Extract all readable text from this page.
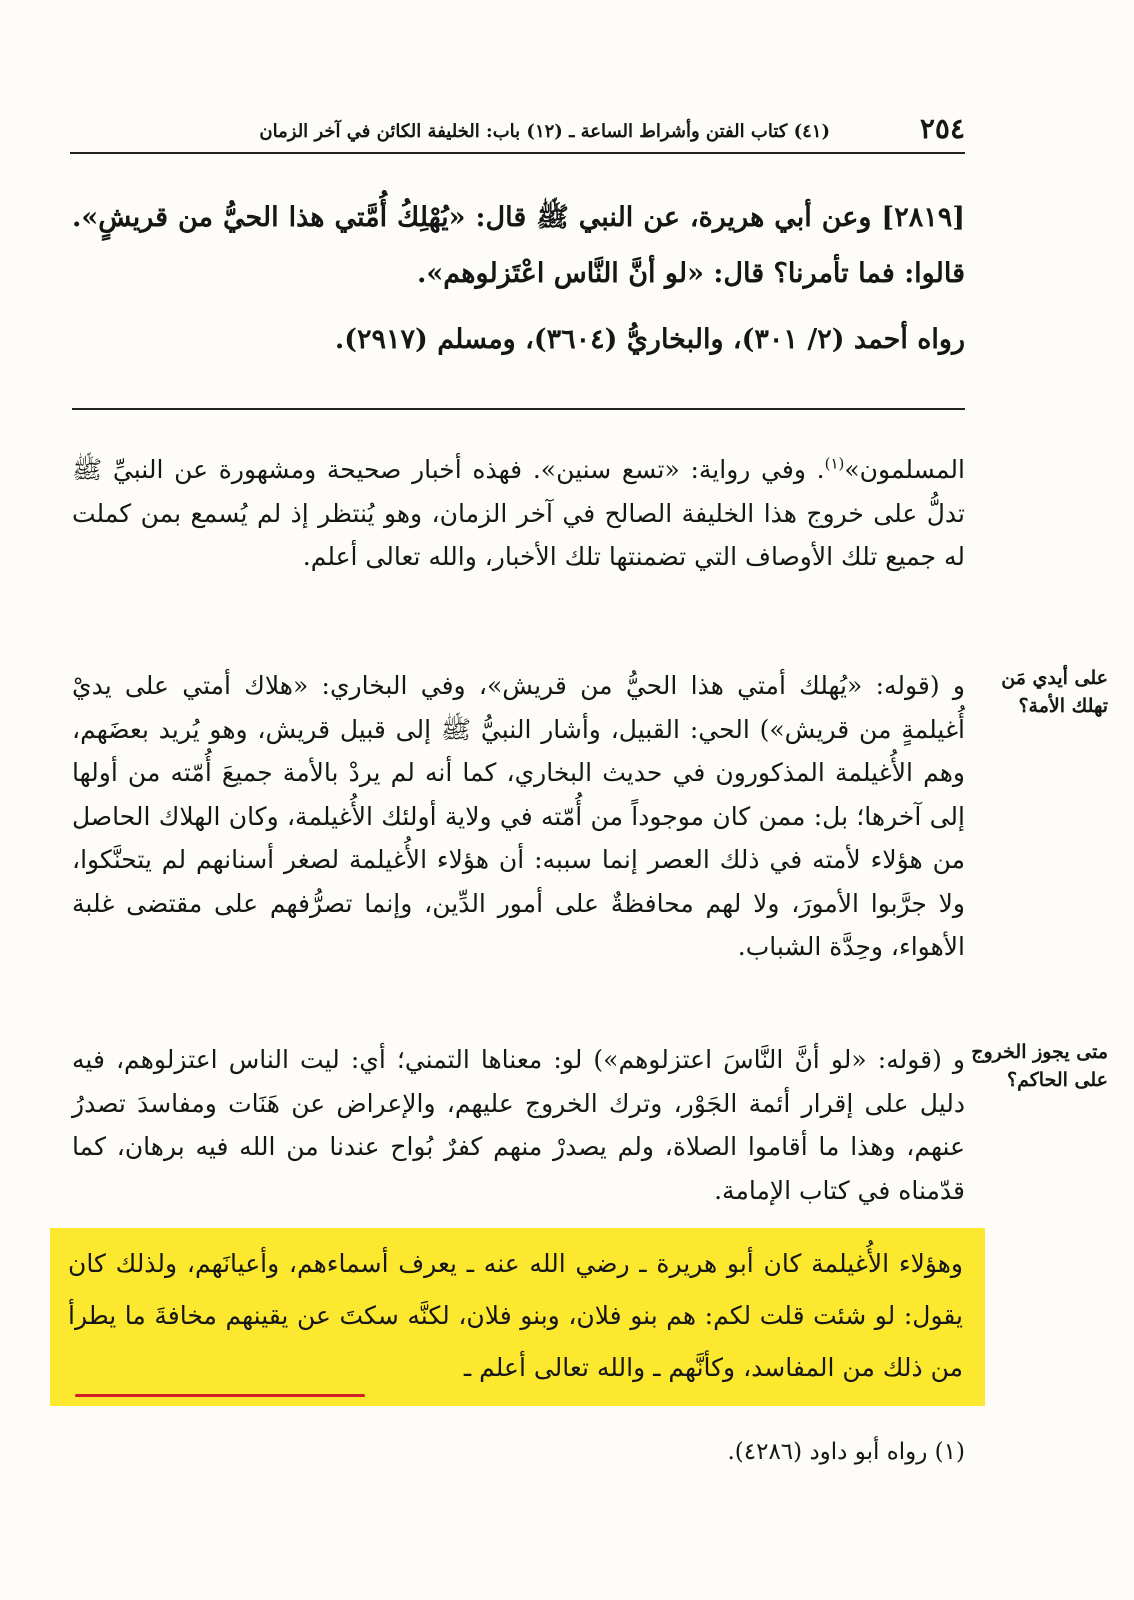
٢٥٤
(٤١) كتاب الفتن وأشراط الساعة ـ (١٢) باب: الخليفة الكائن في آخر الزمان
[٢٨١٩] وعن أبي هريرة، عن النبي ﷺ قال: «يُهْلِكُ أُمَّتي هذا الحيُّ من قريشٍ». قالوا: فما تأمرنا؟ قال: «لو أنَّ النَّاس اعْتَزلوهم».
رواه أحمد (٢/ ٣٠١)، والبخاريُّ (٣٦٠٤)، ومسلم (٢٩١٧).
المسلمون»$^{(١)}$. وفي رواية: «تسع سنين». فهذه أخبار صحيحة ومشهورة عن النبيِّ ﷺ تدلُّ على خروج هذا الخليفة الصالح في آخر الزمان، وهو يُنتظر إذ لم يُسمع بمن كملت له جميع تلك الأوصاف التي تضمنتها تلك الأخبار، والله تعالى أعلم.
على أيدي مَن تهلك الأمة؟
و (قوله: «يُهلك أمتي هذا الحيُّ من قريش»، وفي البخاري: «هلاك أمتي على يديْ أُغيلمةٍ من قريش») الحي: القبيل، وأشار النبيُّ ﷺ إلى قبيل قريش، وهو يُريد بعضَهم، وهم الأُغيلمة المذكورون في حديث البخاري، كما أنه لم يردْ بالأمة جميعَ أُمّته من أولها إلى آخرها؛ بل: ممن كان موجوداً من أُمّته في ولاية أولئك الأُغيلمة، وكان الهلاك الحاصل من هؤلاء لأمته في ذلك العصر إنما سببه: أن هؤلاء الأُغيلمة لصغر أسنانهم لم يتحنَّكوا، ولا جرَّبوا الأمورَ، ولا لهم محافظةٌ على أمور الدِّين، وإنما تصرُّفهم على مقتضى غلبة الأهواء، وحِدَّة الشباب.
متى يجوز الخروج على الحاكم؟
و (قوله: «لو أنَّ النَّاسَ اعتزلوهم») لو: معناها التمني؛ أي: ليت الناس اعتزلوهم، فيه دليل على إقرار أئمة الجَوْر، وترك الخروج عليهم، والإعراض عن هَنَات ومفاسدَ تصدرُ عنهم، وهذا ما أقاموا الصلاة، ولم يصدرْ منهم كفرٌ بُواح عندنا من الله فيه برهان، كما قدّمناه في كتاب الإمامة.
وهؤلاء الأُغيلمة كان أبو هريرة ـ رضي الله عنه ـ يعرف أسماءهم، وأعيانَهم، ولذلك كان يقول: لو شئت قلت لكم: هم بنو فلان، وبنو فلان، لكنَّه سكتَ عن يقينهم مخافةَ ما يطرأ من ذلك من المفاسد، وكأنَّهم ـ والله تعالى أعلم ـ
(١) رواه أبو داود (٤٢٨٦).
